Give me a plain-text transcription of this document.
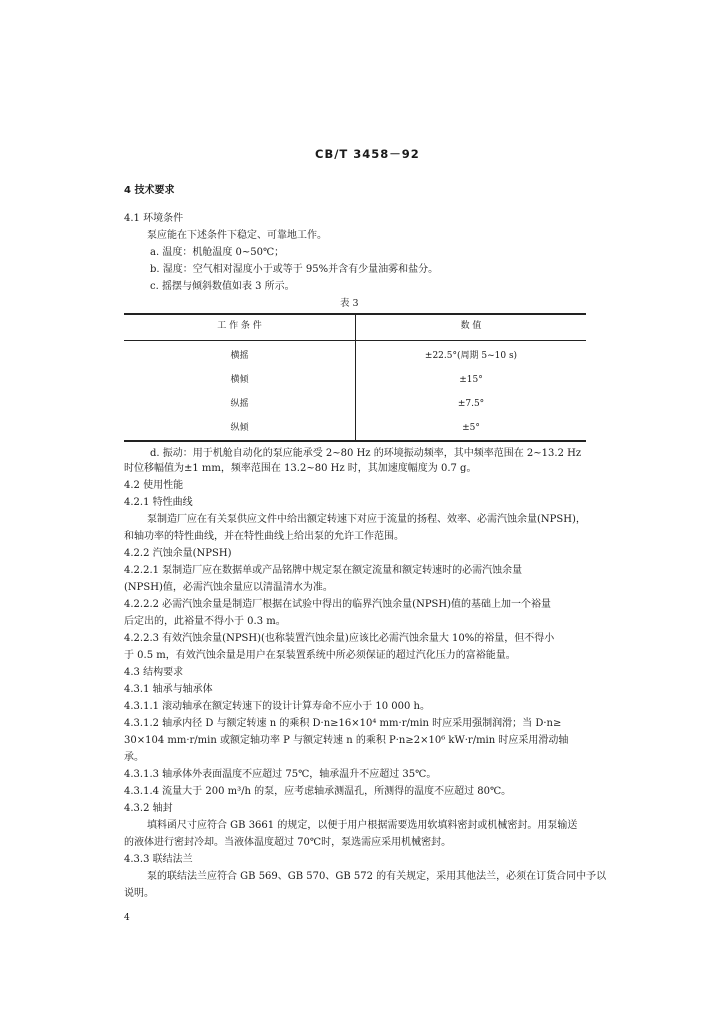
CB/T 3458－92
4 技术要求
4.1 环境条件
泵应能在下述条件下稳定、可靠地工作。
a. 温度：机舱温度 0~50℃；
b. 湿度：空气相对湿度小于或等于 95%并含有少量油雾和盐分。
c. 摇摆与倾斜数值如表 3 所示。
表 3
工 作 条 件	数 值
横摇	±22.5°(周期 5~10 s)
横倾	±15°
纵摇	±7.5°
纵倾	±5°
d. 振动：用于机舱自动化的泵应能承受 2~80 Hz 的环境振动频率，其中频率范围在 2~13.2 Hz
时位移幅值为±1 mm，频率范围在 13.2~80 Hz 时，其加速度幅度为 0.7 g。
4.2 使用性能
4.2.1 特性曲线
泵制造厂应在有关泵供应文件中给出额定转速下对应于流量的扬程、效率、必需汽蚀余量(NPSH)，
和轴功率的特性曲线，并在特性曲线上给出泵的允许工作范围。
4.2.2 汽蚀余量(NPSH)
4.2.2.1 泵制造厂应在数据单或产品铭牌中规定泵在额定流量和额定转速时的必需汽蚀余量
(NPSH)值，必需汽蚀余量应以清温清水为准。
4.2.2.2 必需汽蚀余量是制造厂根据在试验中得出的临界汽蚀余量(NPSH)值的基础上加一个裕量
后定出的，此裕量不得小于 0.3 m。
4.2.2.3 有效汽蚀余量(NPSH)(也称装置汽蚀余量)应该比必需汽蚀余量大 10%的裕量，但不得小
于 0.5 m，有效汽蚀余量是用户在泵装置系统中所必须保证的超过汽化压力的富裕能量。
4.3 结构要求
4.3.1 轴承与轴承体
4.3.1.1 滚动轴承在额定转速下的设计计算寿命不应小于 10 000 h。
4.3.1.2 轴承内径 D 与额定转速 n 的乘积 D·n≥16×10⁴ mm·r/min 时应采用强制润滑；当 D·n≥
30×104 mm·r/min 或额定轴功率 P 与额定转速 n 的乘积 P·n≥2×10⁶ kW·r/min 时应采用滑动轴
承。
4.3.1.3 轴承体外表面温度不应超过 75℃，轴承温升不应超过 35℃。
4.3.1.4 流量大于 200 m³/h 的泵，应考虑轴承测温孔，所测得的温度不应超过 80℃。
4.3.2 轴封
填料函尺寸应符合 GB 3661 的规定，以便于用户根据需要选用软填料密封或机械密封。用泵输送
的液体进行密封冷却。当液体温度超过 70℃时，泵选需应采用机械密封。
4.3.3 联结法兰
泵的联结法兰应符合 GB 569、GB 570、GB 572 的有关规定，采用其他法兰，必须在订货合同中予以
说明。
4
